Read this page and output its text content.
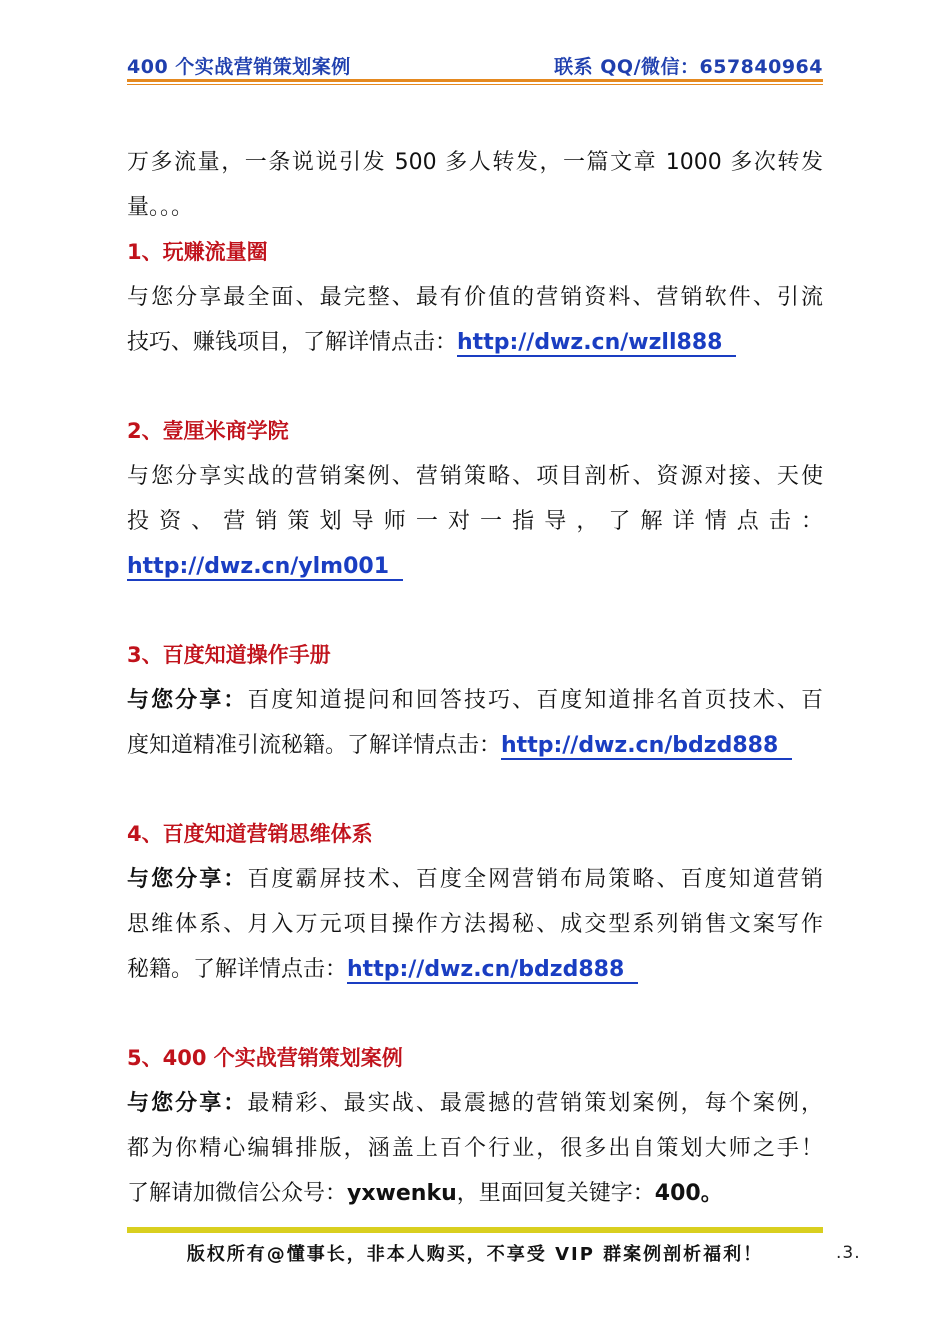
400 个实战营销策划案例	联系 QQ/微信：657840964

万多流量，一条说说引发 500 多人转发，一篇文章 1000 多次转发

量。。。

1、玩赚流量圈

与您分享最全面、最完整、最有价值的营销资料、营销软件、引流

技巧、赚钱项目，了解详情点击：http://dwz.cn/wzll888

2、壹厘米商学院

与您分享实战的营销案例、营销策略、项目剖析、资源对接、天使

投资、营销策划导师一对一指导，了解详情点击：

http://dwz.cn/ylm001

3、百度知道操作手册

与您分享：百度知道提问和回答技巧、百度知道排名首页技术、百

度知道精准引流秘籍。了解详情点击：http://dwz.cn/bdzd888

4、百度知道营销思维体系

与您分享：百度霸屏技术、百度全网营销布局策略、百度知道营销

思维体系、月入万元项目操作方法揭秘、成交型系列销售文案写作

秘籍。了解详情点击：http://dwz.cn/bdzd888

5、400 个实战营销策划案例

与您分享：最精彩、最实战、最震撼的营销策划案例，每个案例，

都为你精心编辑排版，涵盖上百个行业，很多出自策划大师之手！

了解请加微信公众号：yxwenku，里面回复关键字：400。

版权所有@懂事长，非本人购买，不享受 VIP 群案例剖析福利！	.3.
